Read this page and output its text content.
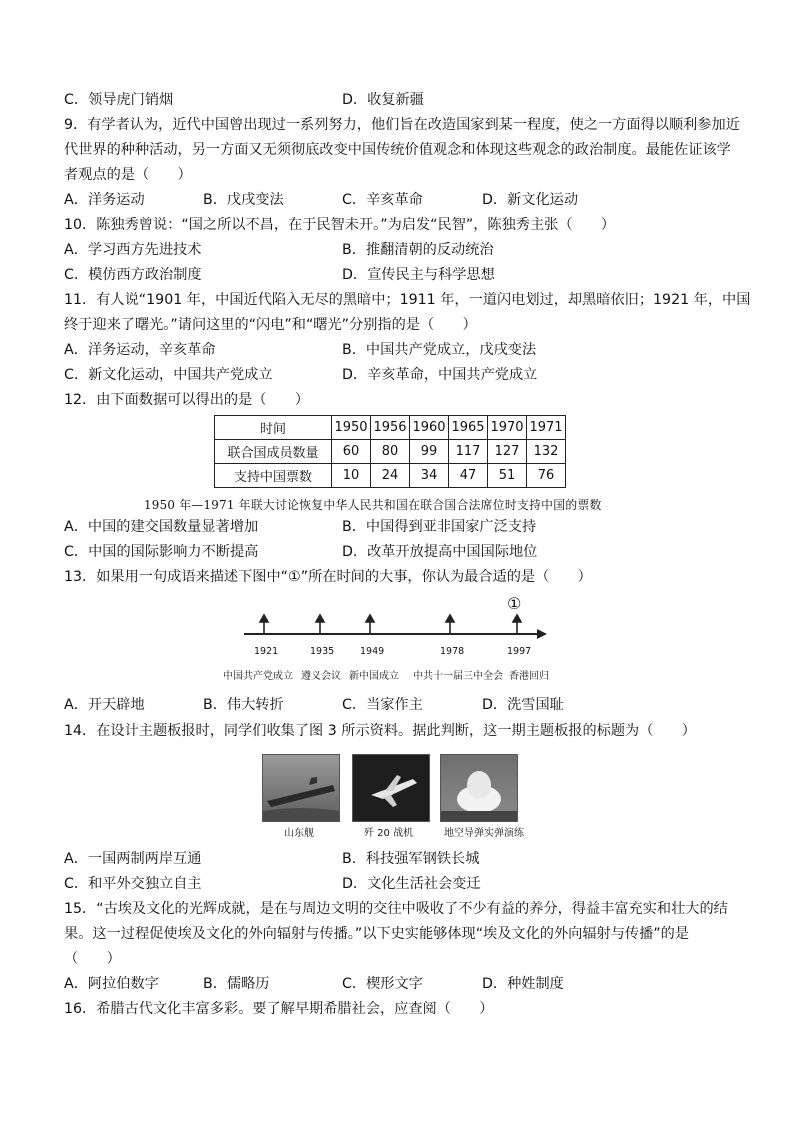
C．领导虎门销烟	D．收复新疆
9．有学者认为，近代中国曾出现过一系列努力，他们旨在改造国家到某一程度，使之一方面得以顺利参加近
代世界的种种活动，另一方面又无须彻底改变中国传统价值观念和体现这些观念的政治制度。最能佐证该学
者观点的是（　　）
A．洋务运动	B．戊戌变法	C．辛亥革命	D．新文化运动
10．陈独秀曾说：“国之所以不昌，在于民智未开。”为启发“民智”，陈独秀主张（　　）
A．学习西方先进技术	B．推翻清朝的反动统治
C．模仿西方政治制度	D．宣传民主与科学思想
11．有人说“1901 年，中国近代陷入无尽的黑暗中；1911 年，一道闪电划过，却黑暗依旧；1921 年，中国
终于迎来了曙光。”请问这里的“闪电”和“曙光”分别指的是（　　）
A．洋务运动，辛亥革命	B．中国共产党成立，戊戌变法
C．新文化运动，中国共产党成立	D．辛亥革命，中国共产党成立
12．由下面数据可以得出的是（　　）
时间	1950	1956	1960	1965	1970	1971
联合国成员数量	60	80	99	117	127	132
支持中国票数	10	24	34	47	51	76
1950 年—1971 年联大讨论恢复中华人民共和国在联合国合法席位时支持中国的票数
A．中国的建交国数量显著增加	B．中国得到亚非国家广泛支持
C．中国的国际影响力不断提高	D．改革开放提高中国国际地位
13．如果用一句成语来描述下图中“①”所在时间的大事，你认为最合适的是（　　）
①
1921	1935	1949	1978	1997
中国共产党成立 遵义会议 新中国成立 中共十一届三中全会 香港回归
A．开天辟地	B．伟大转折	C．当家作主	D．洗雪国耻
14．在设计主题板报时，同学们收集了图 3 所示资料。据此判断，这一期主题板报的标题为（　　）
山东舰	歼 20 战机	地空导弹实弹演练
A．一国两制两岸互通	B．科技强军钢铁长城
C．和平外交独立自主	D．文化生活社会变迁
15．“古埃及文化的光辉成就，是在与周边文明的交往中吸收了不少有益的养分，得益丰富充实和壮大的结
果。这一过程促使埃及文化的外向辐射与传播。”以下史实能够体现“埃及文化的外向辐射与传播”的是
（　　）
A．阿拉伯数字	B．儒略历	C．楔形文字	D．种姓制度
16．希腊古代文化丰富多彩。要了解早期希腊社会，应查阅（　　）
